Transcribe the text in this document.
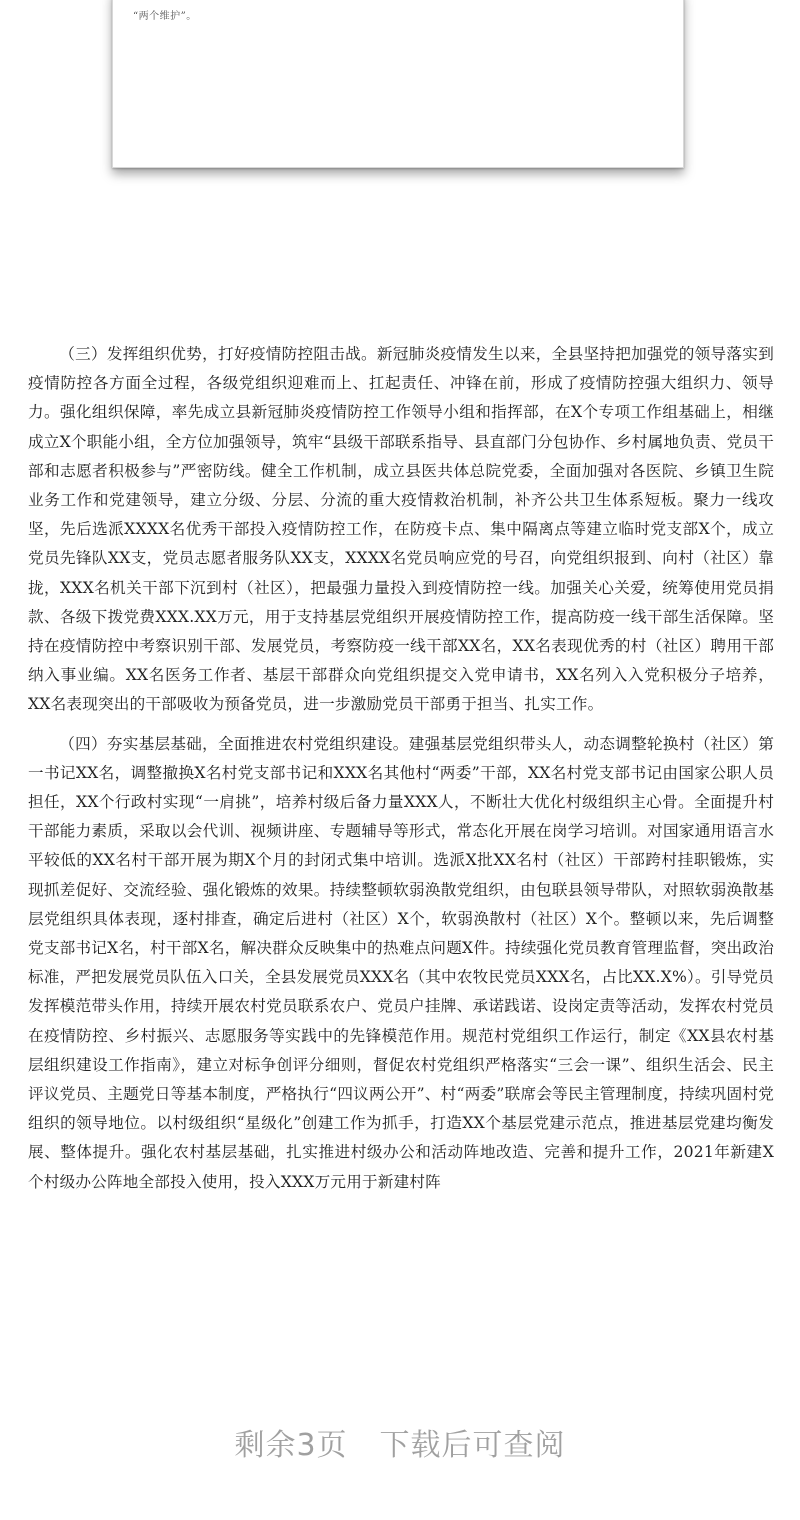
“两个维护”。

（三）发挥组织优势，打好疫情防控阻击战。新冠肺炎疫情发生以来，全县坚持把加强党的领导落实到疫情防控各方面全过程，各级党组织迎难而上、扛起责任、冲锋在前，形成了疫情防控强大组织力、领导力。强化组织保障，率先成立县新冠肺炎疫情防控工作领导小组和指挥部，在X个专项工作组基础上，相继成立X个职能小组，全方位加强领导，筑牢“县级干部联系指导、县直部门分包协作、乡村属地负责、党员干部和志愿者积极参与”严密防线。健全工作机制，成立县医共体总院党委，全面加强对各医院、乡镇卫生院业务工作和党建领导，建立分级、分层、分流的重大疫情救治机制，补齐公共卫生体系短板。聚力一线攻坚，先后选派XXXX名优秀干部投入疫情防控工作，在防疫卡点、集中隔离点等建立临时党支部X个，成立党员先锋队XX支，党员志愿者服务队XX支，XXXX名党员响应党的号召，向党组织报到、向村（社区）靠拢，XXX名机关干部下沉到村（社区），把最强力量投入到疫情防控一线。加强关心关爱，统筹使用党员捐款、各级下拨党费XXX.XX万元，用于支持基层党组织开展疫情防控工作，提高防疫一线干部生活保障。坚持在疫情防控中考察识别干部、发展党员，考察防疫一线干部XX名，XX名表现优秀的村（社区）聘用干部纳入事业编。XX名医务工作者、基层干部群众向党组织提交入党申请书，XX名列入入党积极分子培养，XX名表现突出的干部吸收为预备党员，进一步激励党员干部勇于担当、扎实工作。

（四）夯实基层基础，全面推进农村党组织建设。建强基层党组织带头人，动态调整轮换村（社区）第一书记XX名，调整撤换X名村党支部书记和XXX名其他村“两委”干部，XX名村党支部书记由国家公职人员担任，XX个行政村实现“一肩挑”，培养村级后备力量XXX人，不断壮大优化村级组织主心骨。全面提升村干部能力素质，采取以会代训、视频讲座、专题辅导等形式，常态化开展在岗学习培训。对国家通用语言水平较低的XX名村干部开展为期X个月的封闭式集中培训。选派X批XX名村（社区）干部跨村挂职锻炼，实现抓差促好、交流经验、强化锻炼的效果。持续整顿软弱涣散党组织，由包联县领导带队，对照软弱涣散基层党组织具体表现，逐村排查，确定后进村（社区）X个，软弱涣散村（社区）X个。整顿以来，先后调整党支部书记X名，村干部X名，解决群众反映集中的热难点问题X件。持续强化党员教育管理监督，突出政治标准，严把发展党员队伍入口关，全县发展党员XXX名（其中农牧民党员XXX名，占比XX.X%）。引导党员发挥模范带头作用，持续开展农村党员联系农户、党员户挂牌、承诺践诺、设岗定责等活动，发挥农村党员在疫情防控、乡村振兴、志愿服务等实践中的先锋模范作用。规范村党组织工作运行，制定《XX县农村基层组织建设工作指南》，建立对标争创评分细则，督促农村党组织严格落实“三会一课”、组织生活会、民主评议党员、主题党日等基本制度，严格执行“四议两公开”、村“两委”联席会等民主管理制度，持续巩固村党组织的领导地位。以村级组织“星级化”创建工作为抓手，打造XX个基层党建示范点，推进基层党建均衡发展、整体提升。强化农村基层基础，扎实推进村级办公和活动阵地改造、完善和提升工作，2021年新建X个村级办公阵地全部投入使用，投入XXX万元用于新建村阵

剩余3页 下载后可查阅
